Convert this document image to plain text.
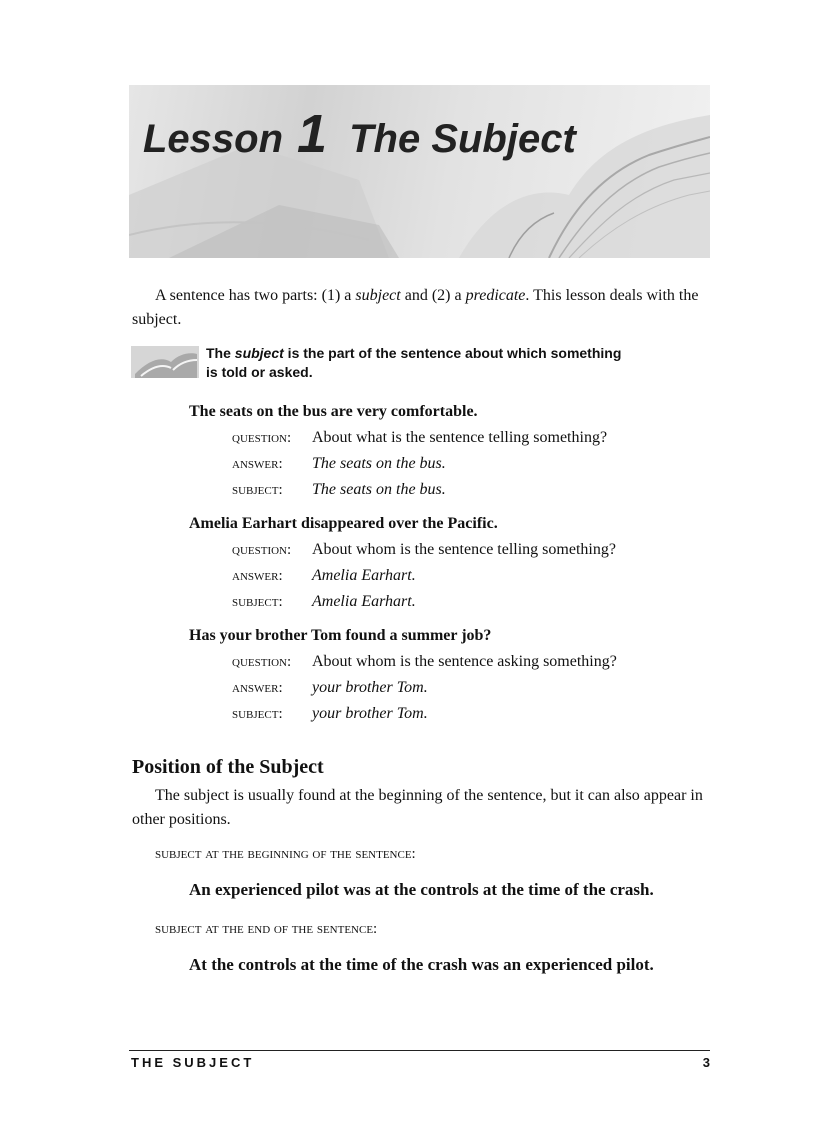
Lesson 1 The Subject

A sentence has two parts: (1) a subject and (2) a predicate. This lesson deals with the subject.

The subject is the part of the sentence about which something is told or asked.

The seats on the bus are very comfortable.

question: About what is the sentence telling something?
answer: The seats on the bus.
subject: The seats on the bus.

Amelia Earhart disappeared over the Pacific.

question: About whom is the sentence telling something?
answer: Amelia Earhart.
subject: Amelia Earhart.

Has your brother Tom found a summer job?

question: About whom is the sentence asking something?
answer: your brother Tom.
subject: your brother Tom.
Position of the Subject

The subject is usually found at the beginning of the sentence, but it can also appear in other positions.

subject at the beginning of the sentence:
An experienced pilot was at the controls at the time of the crash.
subject at the end of the sentence:
At the controls at the time of the crash was an experienced pilot.
THE SUBJECT	3
